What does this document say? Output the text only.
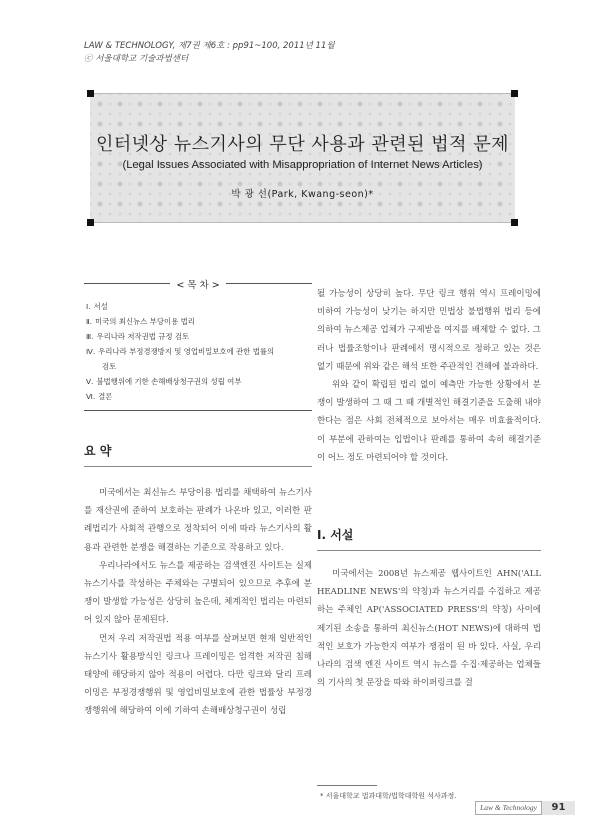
LAW & TECHNOLOGY, 제7권 제6호 : pp91~100, 2011년 11월
ⓒ 서울대학교 기술과법센터
인터넷상 뉴스기사의 무단 사용과 관련된 법적 문제
(Legal Issues Associated with Misappropriation of Internet News Articles)
박 광 선(Park, Kwang-seon)*
< 목 차 >
Ⅰ. 서설
Ⅱ. 미국의 최신뉴스 부당이용 법리
Ⅲ. 우리나라 저작권법 규정 검토
Ⅳ. 우리나라 부정경쟁방지 및 영업비밀보호에 관한 법률의
검토
Ⅴ. 불법행위에 기한 손해배상청구권의 성립 여부
Ⅵ. 결론
요 약

미국에서는 최신뉴스 부당이용 법리를 채택하여 뉴스기사를 재산권에 준하여 보호하는 판례가 나온바 있고, 이러한 판례법리가 사회적 관행으로 정착되어 이에 따라 뉴스기사의 활용과 관련한 분쟁을 해결하는 기준으로 작용하고 있다.

우리나라에서도 뉴스를 제공하는 검색엔진 사이트는 실제 뉴스기사를 작성하는 주체와는 구별되어 있으므로 추후에 분쟁이 발생할 가능성은 상당히 높은데, 체계적인 법리는 마련되어 있지 않아 문제된다.

먼저 우리 저작권법 적용 여부를 살펴보면 현재 일반적인 뉴스기사 활용방식인 링크나 프레이밍은 엄격한 저작권 침해 태양에 해당하지 않아 적용이 어렵다. 다만 링크와 달리 프레이밍은 부정경쟁행위 및 영업비밀보호에 관한 법률상 부정경쟁행위에 해당하여 이에 기하여 손해배상청구권이 성립

될 가능성이 상당히 높다. 무단 링크 행위 역시 프레이밍에 비하여 가능성이 낮기는 하지만 민법상 불법행위 법리 등에 의하여 뉴스제공 업체가 구제받을 여지를 배제할 수 없다. 그러나 법률조항이나 판례에서 명시적으로 정하고 있는 것은 없기 때문에 위와 같은 해석 또한 주관적인 견해에 불과하다.

위와 같이 확립된 법리 없이 예측만 가능한 상황에서 분쟁이 발생하여 그 때 그 때 개별적인 해결기준을 도출해 내야 한다는 점은 사회 전체적으로 보아서는 매우 비효율적이다. 이 부분에 관하여는 입법이나 판례를 통하여 속히 해결기준이 어느 정도 마련되어야 할 것이다.

Ⅰ. 서설

미국에서는 2008년 뉴스제공 웹사이트인 AHN('ALL HEADLINE NEWS'의 약칭)과 뉴스거리를 수집하고 제공하는 주체인 AP('ASSOCIATED PRESS'의 약칭) 사이에 제기된 소송을 통하여 최신뉴스(HOT NEWS)에 대하여 법적인 보호가 가능한지 여부가 쟁점이 된 바 있다. 사실, 우리나라의 검색 엔진 사이트 역시 뉴스를 수집·제공하는 업체들의 기사의 첫 문장을 따와 하이퍼링크를 걸

* 서울대학교 법과대학/법학대학원 석사과정.
Law & Technology	91
